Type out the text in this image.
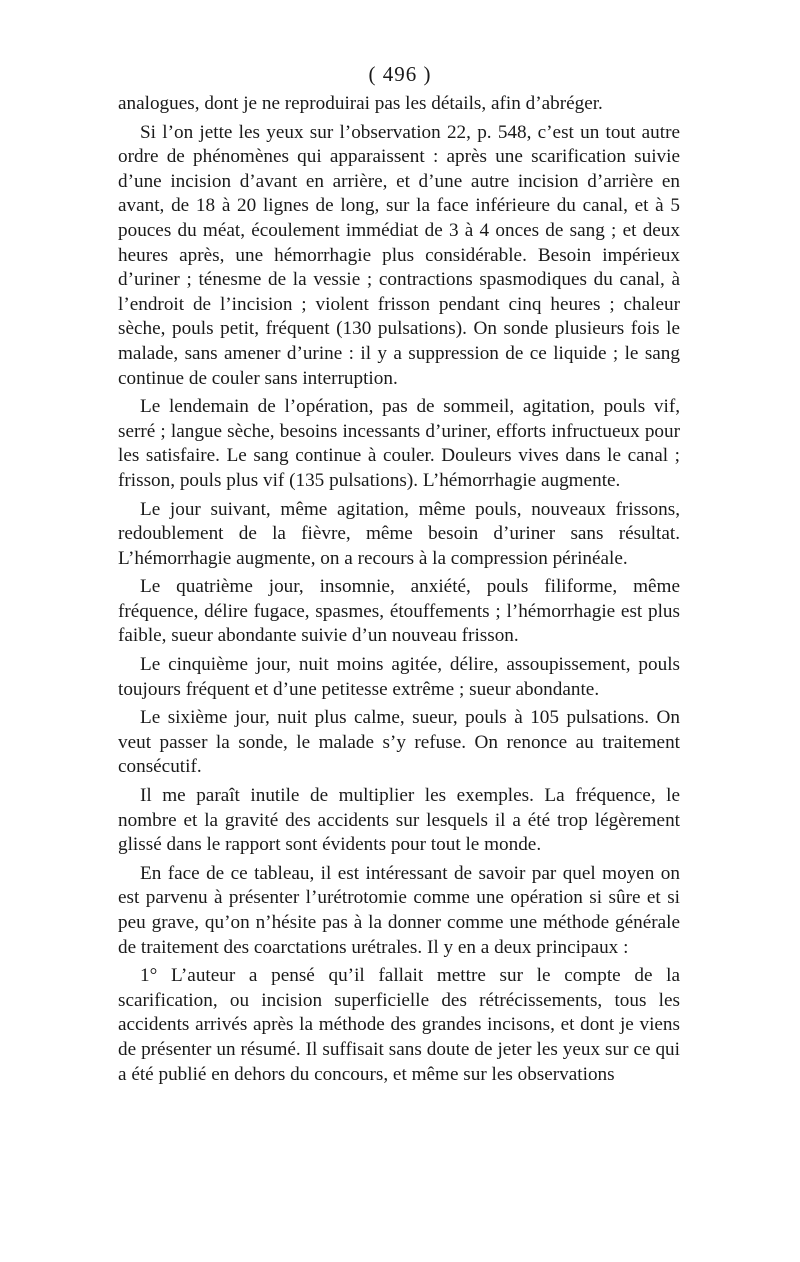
( 496 )

analogues, dont je ne reproduirai pas les détails, afin d’abréger.

Si l’on jette les yeux sur l’observation 22, p. 548, c’est un tout autre ordre de phénomènes qui apparaissent : après une scarification suivie d’une incision d’avant en arrière, et d’une autre incision d’arrière en avant, de 18 à 20 lignes de long, sur la face inférieure du canal, et à 5 pouces du méat, écoulement immédiat de 3 à 4 onces de sang ; et deux heures après, une hémorrhagie plus considérable. Besoin impérieux d’uriner ; ténesme de la vessie ; contractions spasmodiques du canal, à l’endroit de l’incision ; violent frisson pendant cinq heures ; chaleur sèche, pouls petit, fréquent (130 pulsations). On sonde plusieurs fois le malade, sans amener d’urine : il y a suppression de ce liquide ; le sang continue de couler sans interruption.

Le lendemain de l’opération, pas de sommeil, agitation, pouls vif, serré ; langue sèche, besoins incessants d’uriner, efforts infructueux pour les satisfaire. Le sang continue à couler. Douleurs vives dans le canal ; frisson, pouls plus vif (135 pulsations). L’hémorrhagie augmente.

Le jour suivant, même agitation, même pouls, nouveaux frissons, redoublement de la fièvre, même besoin d’uriner sans résultat. L’hémorrhagie augmente, on a recours à la compression périnéale.

Le quatrième jour, insomnie, anxiété, pouls filiforme, même fréquence, délire fugace, spasmes, étouffements ; l’hémorrhagie est plus faible, sueur abondante suivie d’un nouveau frisson.

Le cinquième jour, nuit moins agitée, délire, assoupissement, pouls toujours fréquent et d’une petitesse extrême ; sueur abondante.

Le sixième jour, nuit plus calme, sueur, pouls à 105 pulsations. On veut passer la sonde, le malade s’y refuse. On renonce au traitement consécutif.

Il me paraît inutile de multiplier les exemples. La fréquence, le nombre et la gravité des accidents sur lesquels il a été trop légèrement glissé dans le rapport sont évidents pour tout le monde.

En face de ce tableau, il est intéressant de savoir par quel moyen on est parvenu à présenter l’urétrotomie comme une opération si sûre et si peu grave, qu’on n’hésite pas à la donner comme une méthode générale de traitement des coarctations urétrales. Il y en a deux principaux :

1° L’auteur a pensé qu’il fallait mettre sur le compte de la scarification, ou incision superficielle des rétrécissements, tous les accidents arrivés après la méthode des grandes incisons, et dont je viens de présenter un résumé. Il suffisait sans doute de jeter les yeux sur ce qui a été publié en dehors du concours, et même sur les observations
